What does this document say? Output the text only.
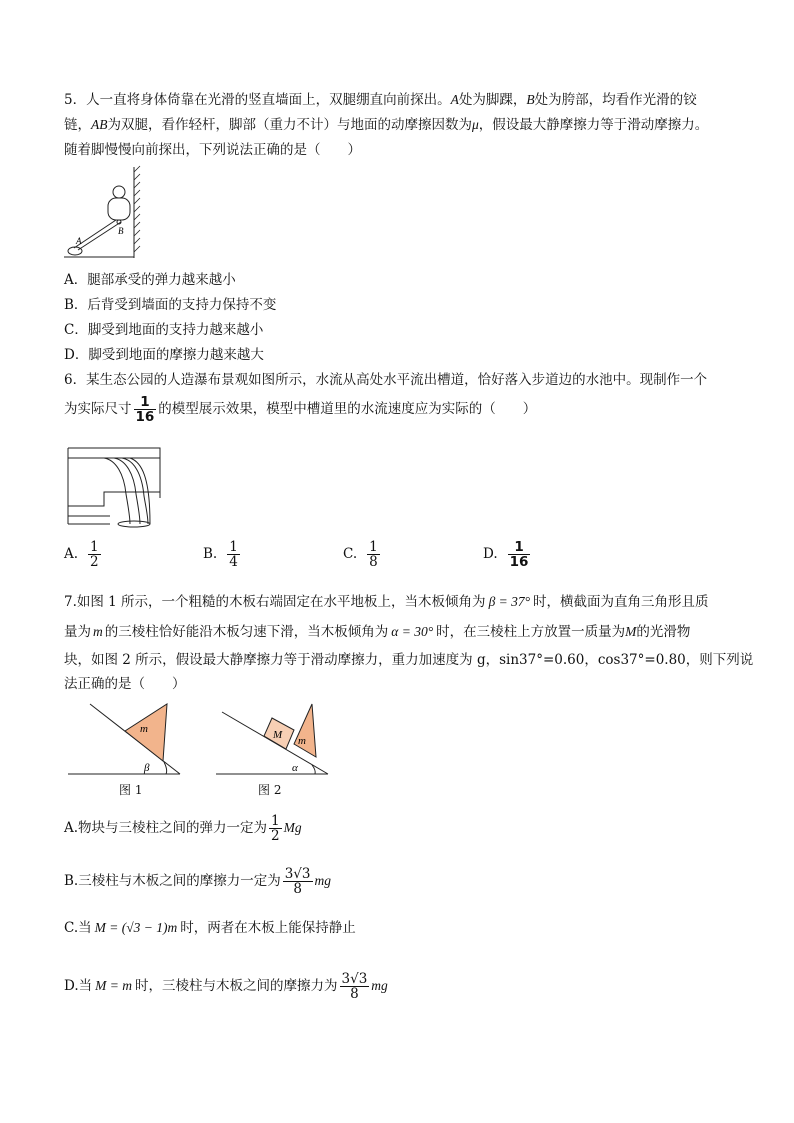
5．人一直将身体倚靠在光滑的竖直墙面上，双腿绷直向前探出。A处为脚踝，B处为胯部，均看作光滑的铰
链，AB为双腿，看作轻杆，脚部（重力不计）与地面的动摩擦因数为μ，假设最大静摩擦力等于滑动摩擦力。
随着脚慢慢向前探出，下列说法正确的是（　　）
A
B
A．腿部承受的弹力越来越小
B．后背受到墙面的支持力保持不变
C．脚受到地面的支持力越来越小
D．脚受到地面的摩擦力越来越大
6．某生态公园的人造瀑布景观如图所示，水流从高处水平流出槽道，恰好落入步道边的水池中。现制作一个
为实际尺寸 $\frac{1}{16}$ 的模型展示效果，模型中槽道里的水流速度应为实际的（　　）
A. $\frac{1}{2}$	B. $\frac{1}{4}$	C. $\frac{1}{8}$	D. $\frac{1}{16}$
7.如图 1 所示，一个粗糙的木板右端固定在水平地板上，当木板倾角为 β = 37° 时，横截面为直角三角形且质
量为 m 的三棱柱恰好能沿木板匀速下滑，当木板倾角为 α = 30° 时，在三棱柱上方放置一质量为M的光滑物
块，如图 2 所示，假设最大静摩擦力等于滑动摩擦力，重力加速度为 g，sin37°=0.60，cos37°=0.80，则下列说
法正确的是（　　）
m
β
M m
α
图 1	图 2
A.物块与三棱柱之间的弹力一定为 $\frac{1}{2}$ Mg
B.三棱柱与木板之间的摩擦力一定为 $\frac{3√3}{8}$ mg
C.当 M = (√3 − 1)m 时，两者在木板上能保持静止
D.当 M = m 时，三棱柱与木板之间的摩擦力为 $\frac{3√3}{8}$ mg
